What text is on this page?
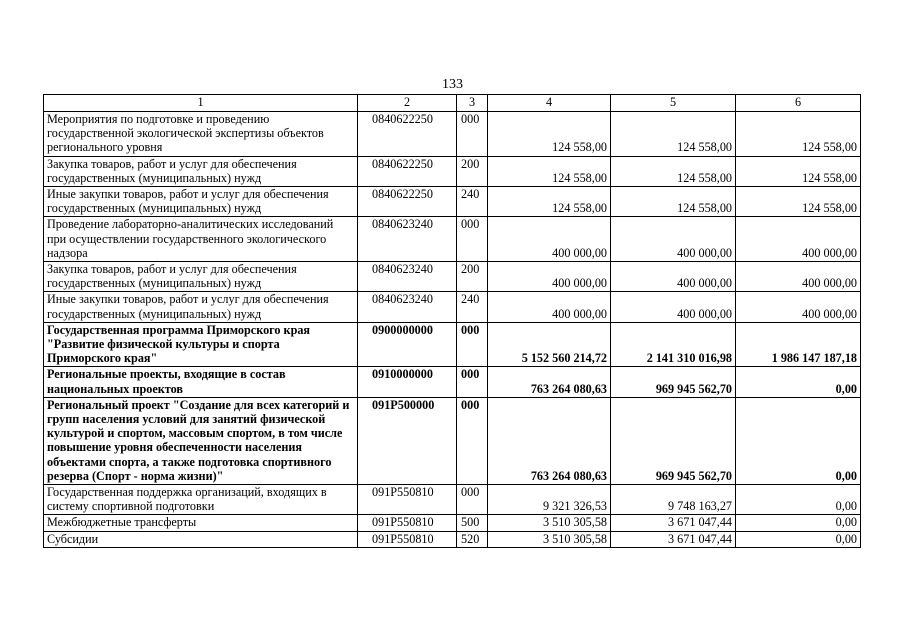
133
1	2	3	4	5	6
Мероприятия по подготовке и проведению государственной экологической экспертизы объектов регионального уровня	0840622250	000	124 558,00	124 558,00	124 558,00
Закупка товаров, работ и услуг для обеспечения государственных (муниципальных) нужд	0840622250	200	124 558,00	124 558,00	124 558,00
Иные закупки товаров, работ и услуг для обеспечения государственных (муниципальных) нужд	0840622250	240	124 558,00	124 558,00	124 558,00
Проведение лабораторно-аналитических исследований при осуществлении государственного экологического надзора	0840623240	000	400 000,00	400 000,00	400 000,00
Закупка товаров, работ и услуг для обеспечения государственных (муниципальных) нужд	0840623240	200	400 000,00	400 000,00	400 000,00
Иные закупки товаров, работ и услуг для обеспечения государственных (муниципальных) нужд	0840623240	240	400 000,00	400 000,00	400 000,00
Государственная программа Приморского края "Развитие физической культуры и спорта Приморского края"	0900000000	000	5 152 560 214,72	2 141 310 016,98	1 986 147 187,18
Региональные проекты, входящие в состав национальных проектов	0910000000	000	763 264 080,63	969 945 562,70	0,00
Региональный проект "Создание для всех категорий и групп населения условий для занятий физической культурой и спортом, массовым спортом, в том числе повышение уровня обеспеченности населения объектами спорта, а также подготовка спортивного резерва (Спорт - норма жизни)"	091P500000	000	763 264 080,63	969 945 562,70	0,00
Государственная поддержка организаций, входящих в систему спортивной подготовки	091P550810	000	9 321 326,53	9 748 163,27	0,00
Межбюджетные трансферты	091P550810	500	3 510 305,58	3 671 047,44	0,00
Субсидии	091P550810	520	3 510 305,58	3 671 047,44	0,00
